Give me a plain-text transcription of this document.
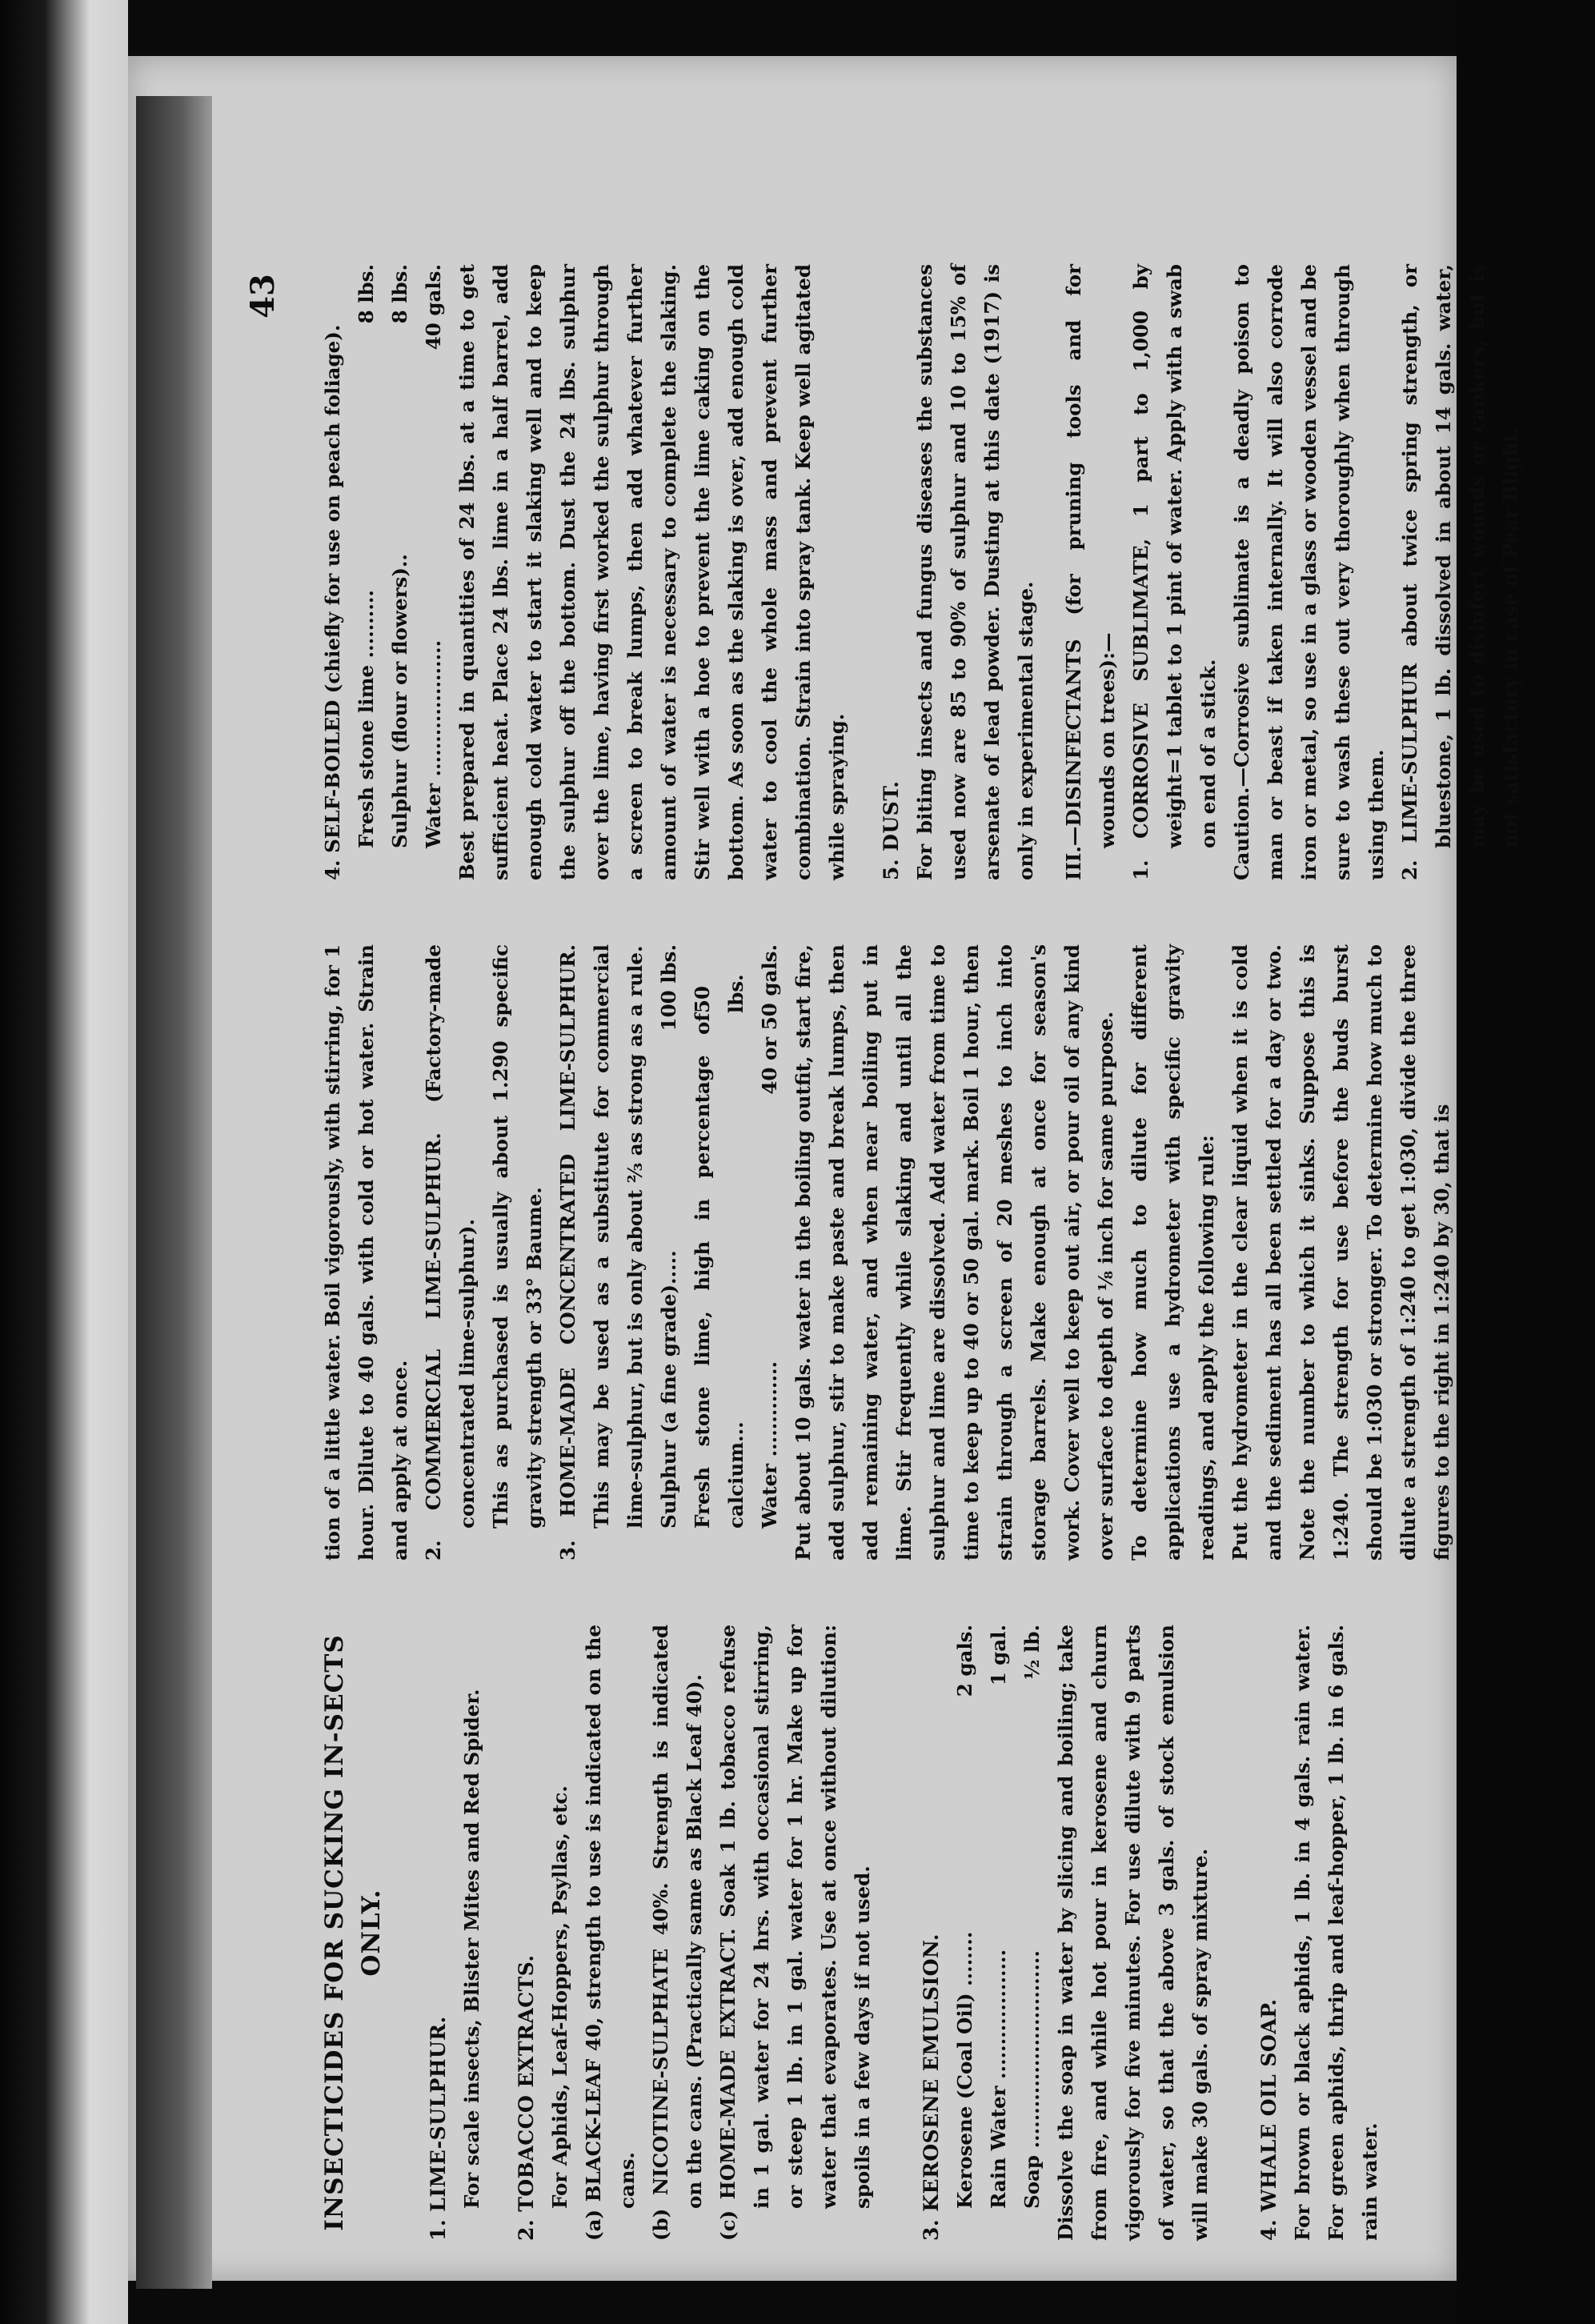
43

INSECTICIDES FOR SUCKING IN-SECTS ONLY.

1. LIME-SULPHUR. For scale insects, Blister Mites and Red Spider. 2. TOBACCO EXTRACTS. For Aphids, Leaf-Hoppers, Psyllas, etc. (a) BLACK-LEAF 40, strength to use is indicated on the cans. (b) NICOTINE-SULPHATE 40%. Strength is indicated on the cans. (Practically same as Black Leaf 40). (c) HOME-MADE EXTRACT. Soak 1 lb. tobacco refuse in 1 gal. water for 24 hrs. with occasional stirring, or steep 1 lb. in 1 gal. water for 1 hr. Make up for water that evaporates. Use at once without dilution: spoils in a few days if not used. 3. KEROSENE EMULSION. Kerosene (Coal Oil) ........
2 gals.
Rain Water ...................
1 gal.
Soap .............................
½ lb. Dissolve the soap in water by slicing and boiling; take from fire, and while hot pour in kerosene and churn vigorously for five minutes. For use dilute with 9 parts of water, so that the above 3 gals. of stock emulsion will make 30 gals. of spray mixture. 4. WHALE OIL SOAP. For brown or black aphids, 1 lb. in 4 gals. rain water. For green aphids, thrip and leaf-hopper, 1 lb. in 6 gals. rain water.

tion of a little water. Boil vigorously, with stirring, for 1 hour. Dilute to 40 gals. with cold or hot water. Strain and apply at once. 2. COMMERCIAL LIME-SULPHUR. (Factory-made concentrated lime-sulphur). This as purchased is usually about 1.290 specific gravity strength or 33° Baume. 3. HOME-MADE CONCENTRATED LIME-SULPHUR. This may be used as a substitute for commercial lime-sulphur, but is only about ⅔ as strong as a rule. Sulphur (a fine grade).....
100 lbs.
Fresh stone lime, high in percentage of calcium...
50 lbs.
Water ..............
40 or 50 gals. Put about 10 gals. water in the boiling outfit, start fire, add sulphur, stir to make paste and break lumps, then add remaining water, and when near boiling put in lime. Stir frequently while slaking and until all the sulphur and lime are dissolved. Add water from time to time to keep up to 40 or 50 gal. mark. Boil 1 hour, then strain through a screen of 20 meshes to inch into storage barrels. Make enough at once for season's work. Cover well to keep out air, or pour oil of any kind over surface to depth of ⅛ inch for same purpose. To determine how much to dilute for different applications use a hydrometer with specific gravity readings, and apply the following rule: Put the hydrometer in the clear liquid when it is cold and the sediment has all been settled for a day or two. Note the number to which it sinks. Suppose this is 1:240. The strength for use before the buds burst should be 1:030 or stronger. To determine how much to dilute a strength of 1:240 to get 1:030, divide the three figures to the right in 1:240 by 30, that is

4. SELF-BOILED (chiefly for use on peach foliage). Fresh stone lime ..........
8 lbs.
Sulphur (flour or flowers)..
8 lbs.
Water ....................
40 gals. Best prepared in quantities of 24 lbs. at a time to get sufficient heat. Place 24 lbs. lime in a half barrel, add enough cold water to start it slaking well and to keep the sulphur off the bottom. Dust the 24 lbs. sulphur over the lime, having first worked the sulphur through a screen to break lumps, then add whatever further amount of water is necessary to complete the slaking. Stir well with a hoe to prevent the lime caking on the bottom. As soon as the slaking is over, add enough cold water to cool the whole mass and prevent further combination. Strain into spray tank. Keep well agitated while spraying. 5. DUST. For biting insects and fungus diseases the substances used now are 85 to 90% of sulphur and 10 to 15% of arsenate of lead powder. Dusting at this date (1917) is only in experimental stage. III.—DISINFECTANTS (for pruning tools and for wounds on trees):— 1. CORROSIVE SUBLIMATE, 1 part to 1,000 by weight=1 tablet to 1 pint of water. Apply with a swab on end of a stick. Caution.—Corrosive sublimate is a deadly poison to man or beast if taken internally. It will also corrode iron or metal, so use in a glass or wooden vessel and be sure to wash these out very thoroughly when through using them. 2. LIME-SULPHUR about twice spring strength, or bluestone, 1 lb. dissolved in about 14 gals. water, may be used to disinfect wounds or cankers, but is not satisfactory in case of Pear Blight.
